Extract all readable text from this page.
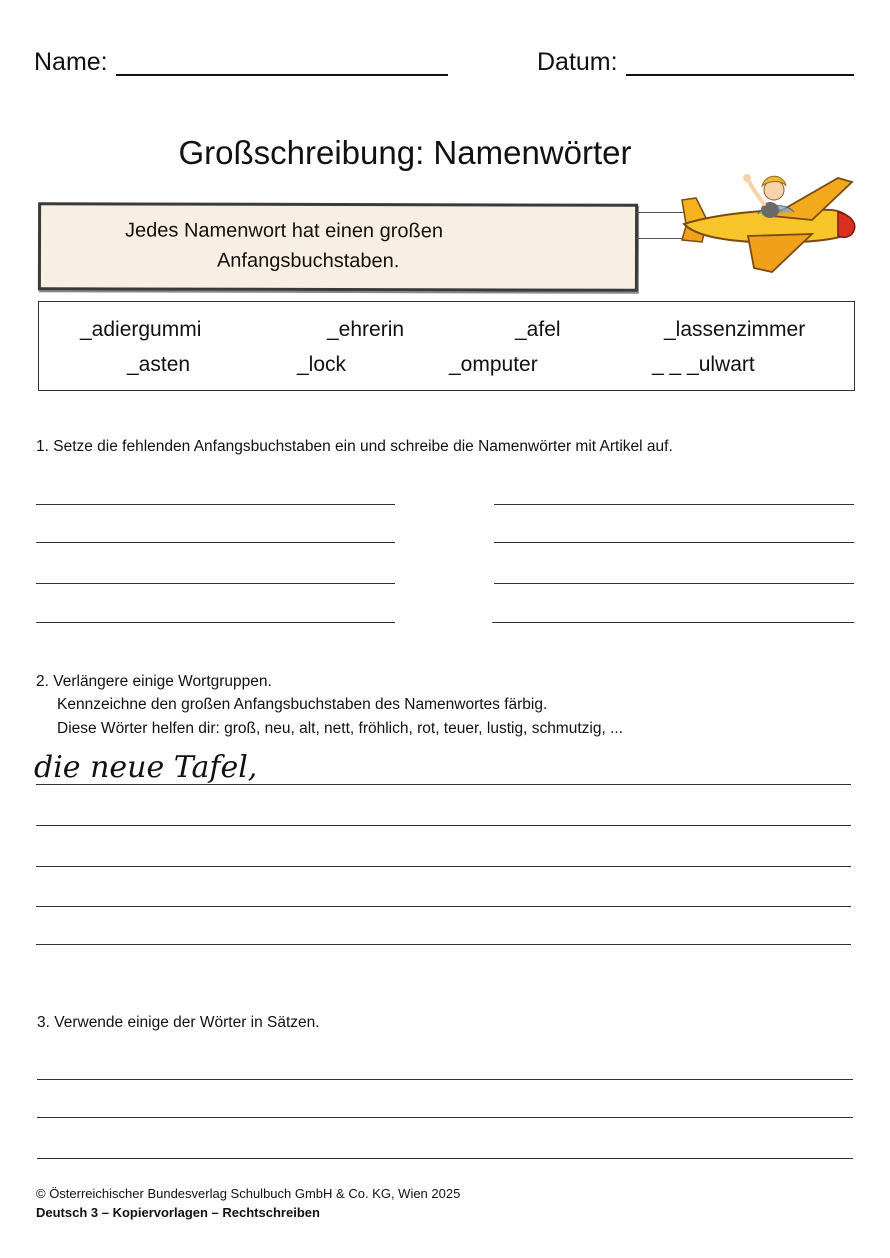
Name:	Datum:
Großschreibung: Namenwörter
Jedes Namenwort hat einen großen
Anfangsbuchstaben.
_adiergummi	_ehrerin	_afel	_lassenzimmer
_asten	_lock	_omputer	_ _ _ulwart
1. Setze die fehlenden Anfangsbuchstaben ein und schreibe die Namenwörter mit Artikel auf.
2. Verlängere einige Wortgruppen.
Kennzeichne den großen Anfangsbuchstaben des Namenwortes färbig.
Diese Wörter helfen dir: groß, neu, alt, nett, fröhlich, rot, teuer, lustig, schmutzig, ...
die neue Tafel,
3. Verwende einige der Wörter in Sätzen.
© Österreichischer Bundesverlag Schulbuch GmbH & Co. KG, Wien 2025
Deutsch 3 – Kopiervorlagen – Rechtschreiben
